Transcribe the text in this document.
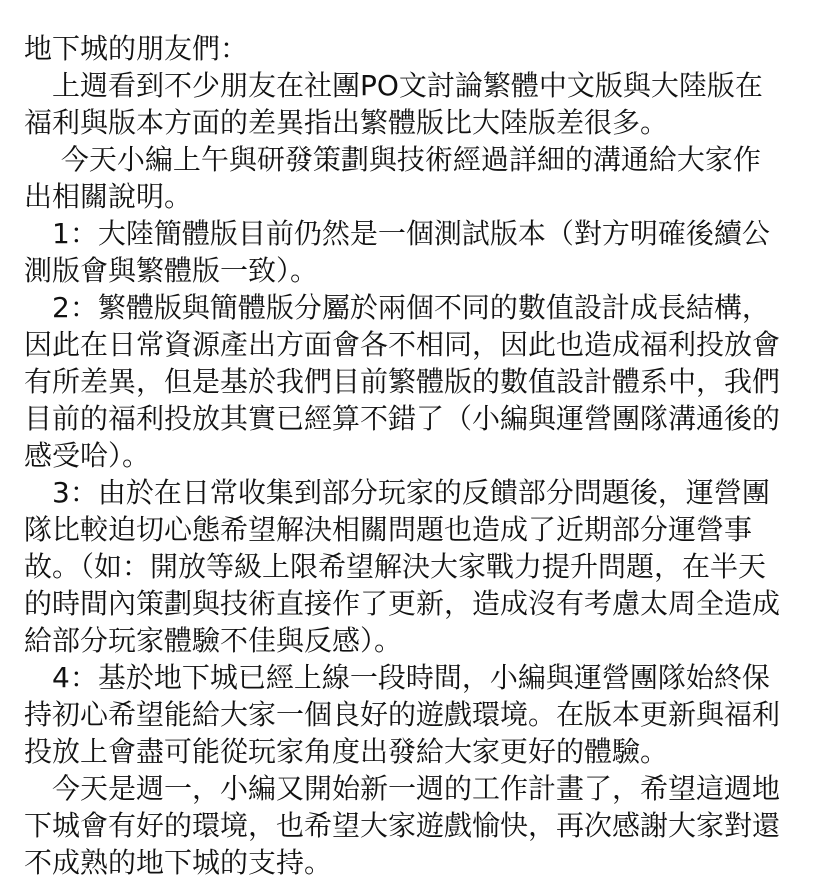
地下城的朋友們：
　上週看到不少朋友在社團PO文討論繁體中文版與大陸版在
福利與版本方面的差異指出繁體版比大陸版差很多。
　 今天小編上午與研發策劃與技術經過詳細的溝通給大家作
出相關說明。
　1：大陸簡體版目前仍然是一個測試版本（對方明確後續公
測版會與繁體版一致）。
　2：繁體版與簡體版分屬於兩個不同的數值設計成長結構，
因此在日常資源產出方面會各不相同，因此也造成福利投放會
有所差異，但是基於我們目前繁體版的數值設計體系中，我們
目前的福利投放其實已經算不錯了（小編與運營團隊溝通後的
感受哈）。
　3：由於在日常收集到部分玩家的反饋部分問題後，運營團
隊比較迫切心態希望解決相關問題也造成了近期部分運營事
故。（如：開放等級上限希望解決大家戰力提升問題，在半天
的時間內策劃與技術直接作了更新，造成沒有考慮太周全造成
給部分玩家體驗不佳與反感）。
　4：基於地下城已經上線一段時間，小編與運營團隊始終保
持初心希望能給大家一個良好的遊戲環境。在版本更新與福利
投放上會盡可能從玩家角度出發給大家更好的體驗。
　今天是週一，小編又開始新一週的工作計畫了，希望這週地
下城會有好的環境，也希望大家遊戲愉快，再次感謝大家對還
不成熟的地下城的支持。
